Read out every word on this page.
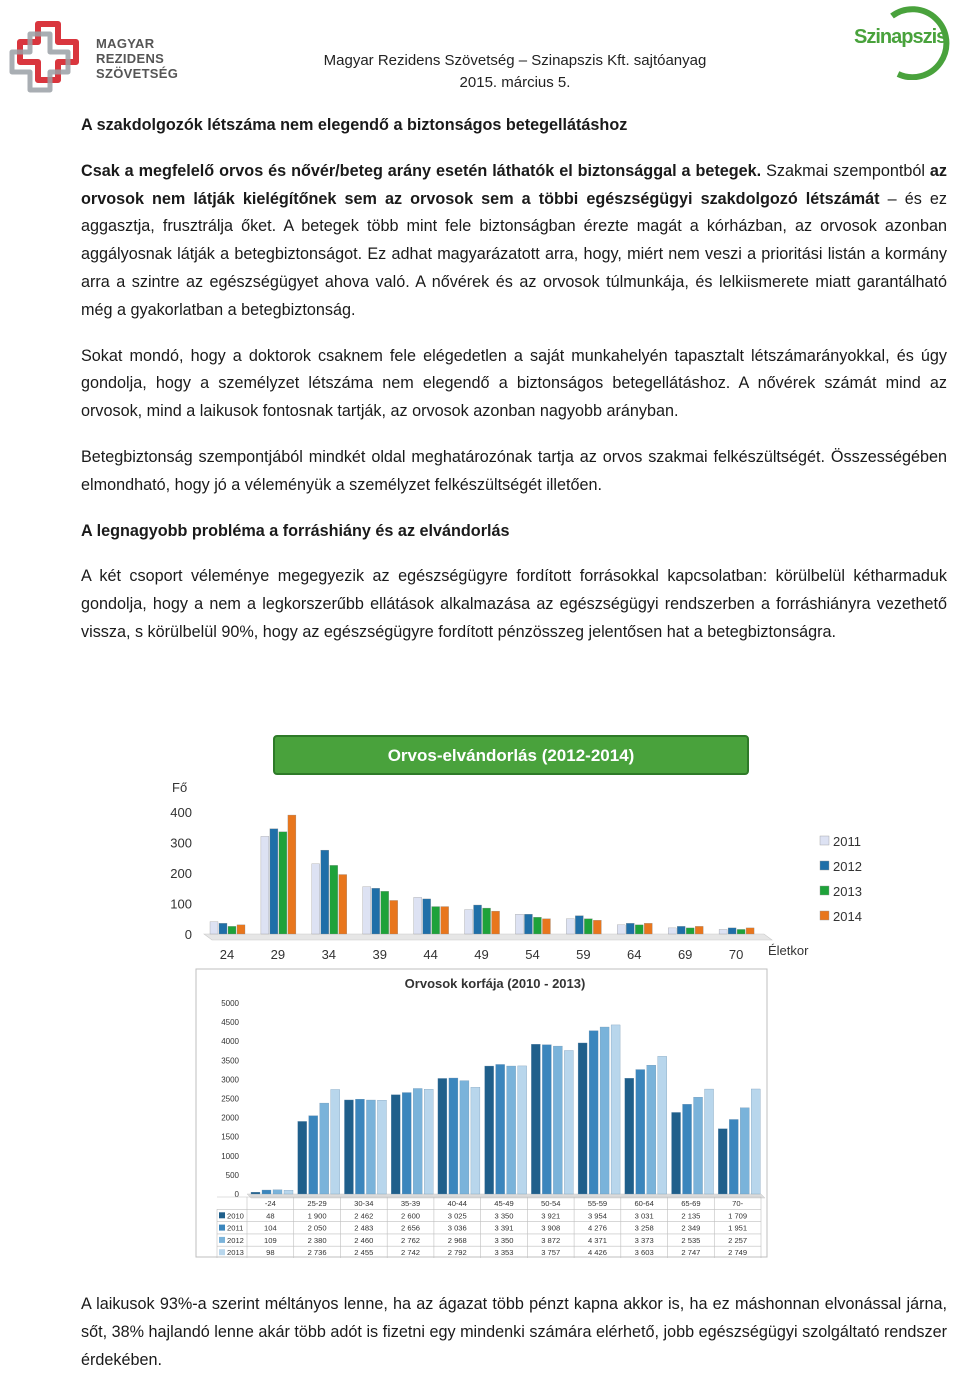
MAGYAR
REZIDENS
SZÖVETSÉG
Magyar Rezidens Szövetség – Szinapszis Kft. sajtóanyag
2015. március 5.
Szinapszis

A szakdolgozók létszáma nem elegendő a biztonságos betegellátáshoz

Csak a megfelelő orvos és nővér/beteg arány esetén láthatók el biztonsággal a betegek. Szakmai szempontból az orvosok nem látják kielégítőnek sem az orvosok sem a többi egészségügyi szakdolgozó létszámát – és ez aggasztja, frusztrálja őket. A betegek több mint fele biztonságban érezte magát a kórházban, az orvosok azonban aggályosnak látják a betegbiztonságot. Ez adhat magyarázatott arra, hogy, miért nem veszi a prioritási listán a kormány arra a szintre az egészségügyet ahova való. A nővérek és az orvosok túlmunkája, és lelkiismerete miatt garantálható még a gyakorlatban a betegbiztonság.

Sokat mondó, hogy a doktorok csaknem fele elégedetlen a saját munkahelyén tapasztalt létszámarányokkal, és úgy gondolja, hogy a személyzet létszáma nem elegendő a biztonságos betegellátáshoz. A nővérek számát mind az orvosok, mind a laikusok fontosnak tartják, az orvosok azonban nagyobb arányban.

Betegbiztonság szempontjából mindkét oldal meghatározónak tartja az orvos szakmai felkészültségét. Összességében elmondható, hogy jó a véleményük a személyzet felkészültségét illetően.

A legnagyobb probléma a forráshiány és az elvándorlás

A két csoport véleménye megegyezik az egészségügyre fordított forrásokkal kapcsolatban: körülbelül kétharmaduk gondolja, hogy a nem a legkorszerűbb ellátások alkalmazása az egészségügyi rendszerben a forráshiányra vezethető vissza, s körülbelül 90%, hogy az egészségügyre fordított pénzösszeg jelentősen hat a betegbiztonságra.

Orvos-elvándorlás (2012-2014)
Fő
400
300
200
100
0
24	29	34	39	44	49	54	59	64	69	70 Életkor
2011
2012
2013
2014
Orvosok korfája (2010 - 2013)
5000
4500
4000
3500
3000
2500
2000
1500
1000
500
0
-24	25-29	30-34	35-39	40-44	45-49	50-54	55-59	60-64	65-69	70-
2010	48	1 900	2 462	2 600	3 025	3 350	3 921	3 954	3 031	2 135	1 709
2011	104	2 050	2 483	2 656	3 036	3 391	3 908	4 276	3 258	2 349	1 951
2012	109	2 380	2 460	2 762	2 968	3 350	3 872	4 371	3 373	2 535	2 257
2013	98	2 736	2 455	2 742	2 792	3 353	3 757	4 426	3 603	2 747	2 749

A laikusok 93%-a szerint méltányos lenne, ha az ágazat több pénzt kapna akkor is, ha ez máshonnan elvonással járna, sőt, 38% hajlandó lenne akár több adót is fizetni egy mindenki számára elérhető, jobb egészségügyi szolgáltató rendszer érdekében.
